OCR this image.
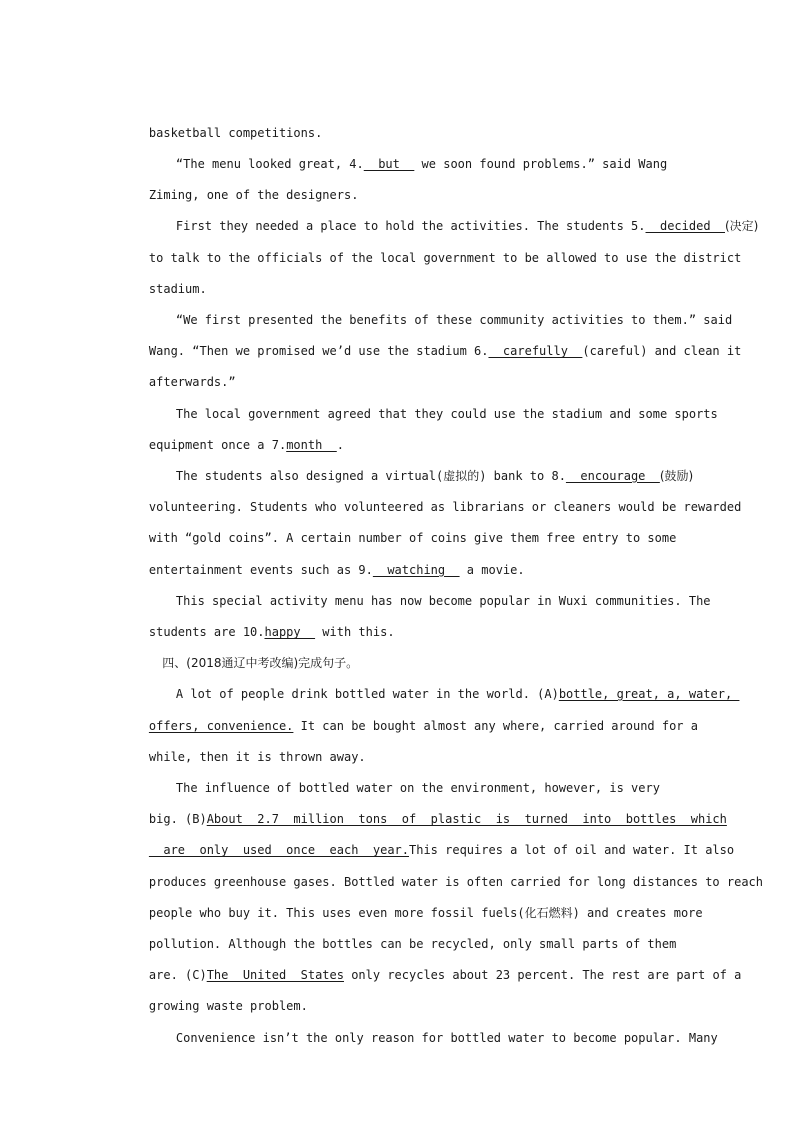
basketball competitions.

“The menu looked great, 4.  but   we soon found problems.” said Wang

Ziming, one of the designers.

First they needed a place to hold the activities. The students 5.  decided  (决定)

to talk to the officials of the local government to be allowed to use the district

stadium.

“We first presented the benefits of these community activities to them.” said

Wang. “Then we promised we’d use the stadium 6.  carefully  (careful) and clean it

afterwards.”

The local government agreed that they could use the stadium and some sports

equipment once a 7.month  .

The students also designed a virtual(虚拟的) bank to 8.  encourage  (鼓励)

volunteering. Students who volunteered as librarians or cleaners would be rewarded

with “gold coins”. A certain number of coins give them free entry to some

entertainment events such as 9.  watching   a movie.

This special activity menu has now become popular in Wuxi communities. The

students are 10.happy   with this.

四、(2018通辽中考改编)完成句子。

A lot of people drink bottled water in the world. (A)bottle, great, a, water,

offers, convenience. It can be bought almost any where, carried around for a

while, then it is thrown away.

The influence of bottled water on the environment, however, is very

big. (B)About  2.7  million  tons  of  plastic  is  turned  into  bottles  which

are  only  used  once  each  year.This requires a lot of oil and water. It also

produces greenhouse gases. Bottled water is often carried for long distances to reach

people who buy it. This uses even more fossil fuels(化石燃料) and creates more

pollution. Although the bottles can be recycled, only small parts of them

are. (C)The  United  States only recycles about 23 percent. The rest are part of a

growing waste problem.

Convenience isn’t the only reason for bottled water to become popular. Many
